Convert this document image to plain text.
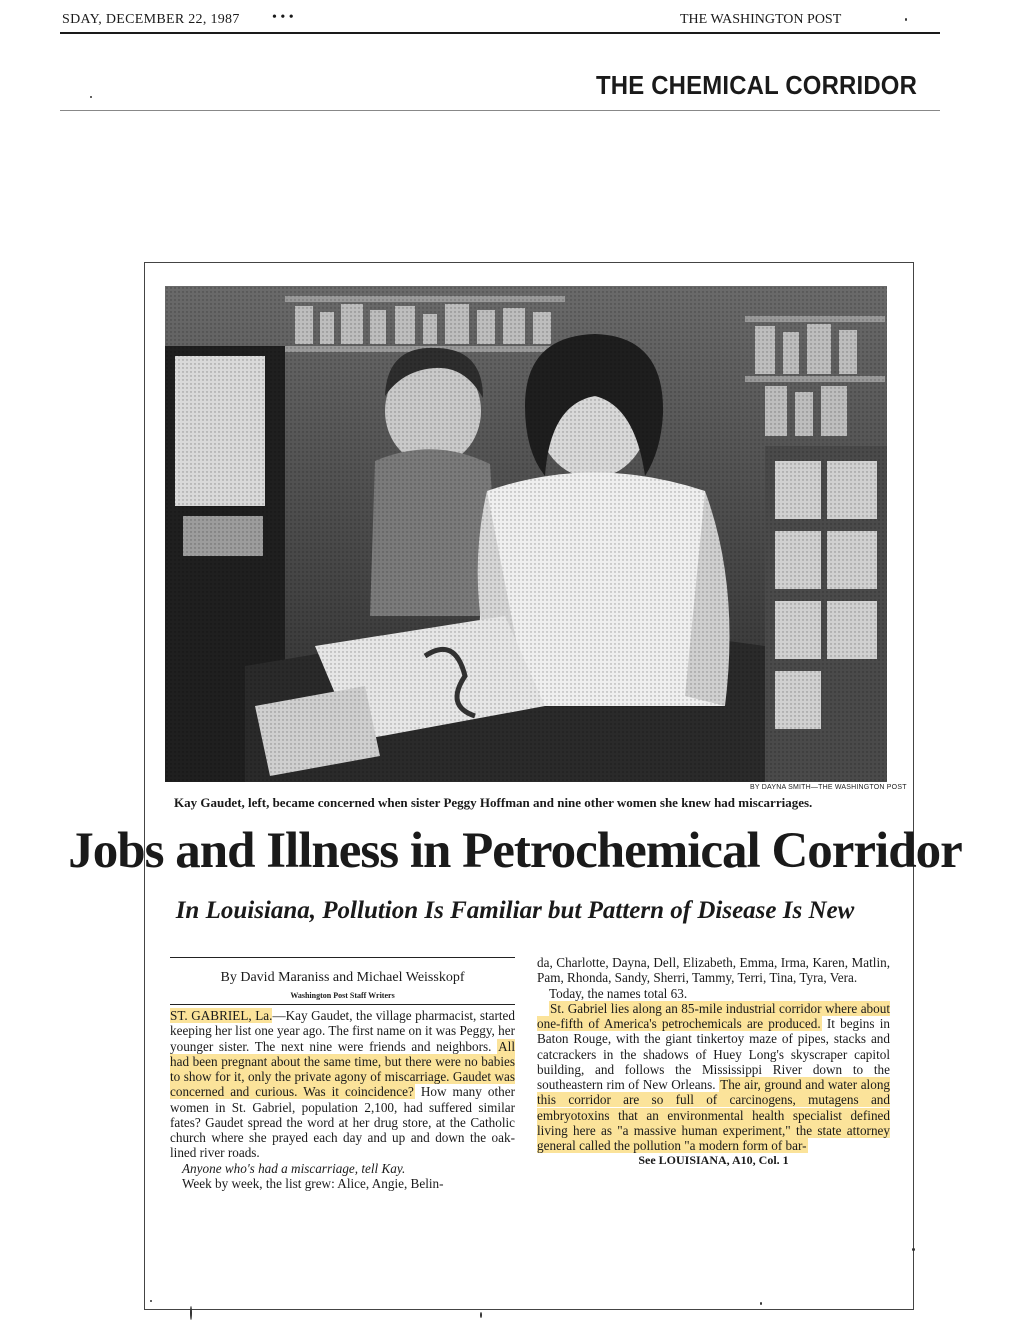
SDAY, DECEMBER 22, 1987 • • •	THE WASHINGTON POST
THE CHEMICAL CORRIDOR
BY DAYNA SMITH—THE WASHINGTON POST
Kay Gaudet, left, became concerned when sister Peggy Hoffman and nine other women she knew had miscarriages.
Jobs and Illness in Petrochemical Corridor
In Louisiana, Pollution Is Familiar but Pattern of Disease Is New
By David Maraniss and Michael Weisskopf
Washington Post Staff Writers

ST. GABRIEL, La.—Kay Gaudet, the village pharmacist, started keeping her list one year ago. The first name on it was Peggy, her younger sister. The next nine were friends and neighbors. All had been pregnant about the same time, but there were no babies to show for it, only the private agony of miscarriage. Gaudet was concerned and curious. Was it coincidence? How many other women in St. Gabriel, population 2,100, had suffered similar fates? Gaudet spread the word at her drug store, at the Catholic church where she prayed each day and up and down the oak-lined river roads.

Anyone who's had a miscarriage, tell Kay.

Week by week, the list grew: Alice, Angie, Belin-

da, Charlotte, Dayna, Dell, Elizabeth, Emma, Irma, Karen, Matlin, Pam, Rhonda, Sandy, Sherri, Tammy, Terri, Tina, Tyra, Vera.

Today, the names total 63.

St. Gabriel lies along an 85-mile industrial corridor where about one-fifth of America's petrochemicals are produced. It begins in Baton Rouge, with the giant tinkertoy maze of pipes, stacks and catcrackers in the shadows of Huey Long's skyscraper capitol building, and follows the Mississippi River down to the southeastern rim of New Orleans. The air, ground and water along this corridor are so full of carcinogens, mutagens and embryotoxins that an environmental health specialist defined living here as "a massive human experiment," the state attorney general called the pollution "a modern form of bar-

See LOUISIANA, A10, Col. 1
